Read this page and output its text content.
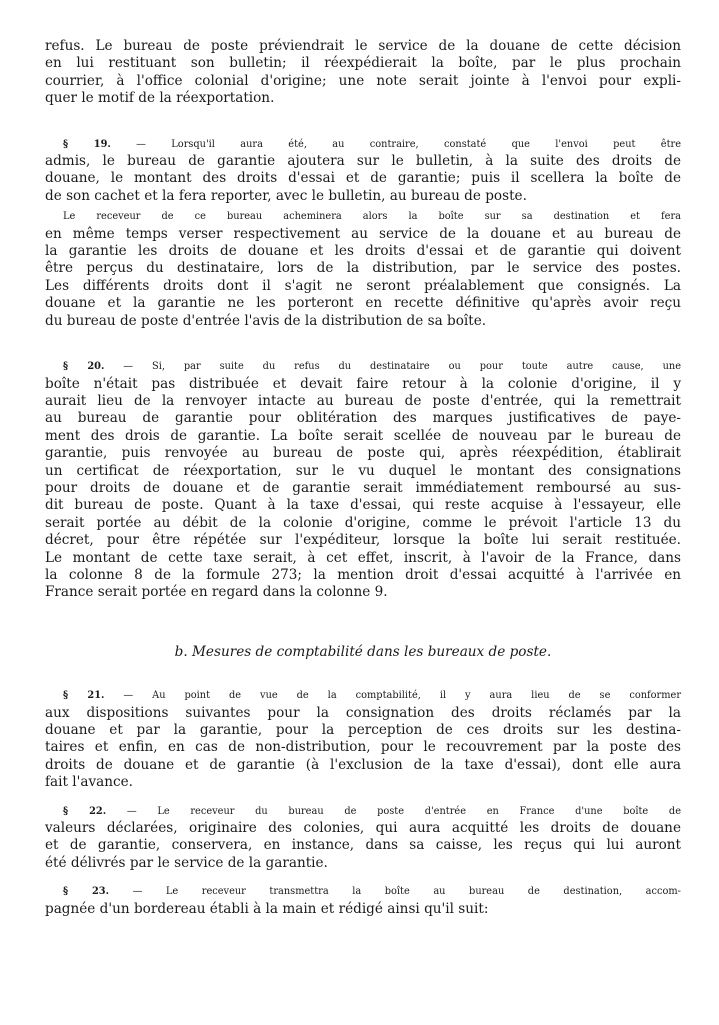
refus. Le bureau de poste préviendrait le service de la douane de cette décision
en lui restituant son bulletin; il réexpédierait la boîte, par le plus prochain
courrier, à l'office colonial d'origine; une note serait jointe à l'envoi pour expli-
quer le motif de la réexportation.
§ 19. — Lorsqu'il aura été, au contraire, constaté que l'envoi peut être
admis, le bureau de garantie ajoutera sur le bulletin, à la suite des droits de
douane, le montant des droits d'essai et de garantie; puis il scellera la boîte de
de son cachet et la fera reporter, avec le bulletin, au bureau de poste.
Le receveur de ce bureau acheminera alors la boîte sur sa destination et fera
en même temps verser respectivement au service de la douane et au bureau de
la garantie les droits de douane et les droits d'essai et de garantie qui doivent
être perçus du destinataire, lors de la distribution, par le service des postes.
Les différents droits dont il s'agit ne seront préalablement que consignés. La
douane et la garantie ne les porteront en recette définitive qu'après avoir reçu
du bureau de poste d'entrée l'avis de la distribution de sa boîte.
§ 20. — Si, par suite du refus du destinataire ou pour toute autre cause, une
boîte n'était pas distribuée et devait faire retour à la colonie d'origine, il y
aurait lieu de la renvoyer intacte au bureau de poste d'entrée, qui la remettrait
au bureau de garantie pour oblitération des marques justificatives de paye-
ment des drois de garantie. La boîte serait scellée de nouveau par le bureau de
garantie, puis renvoyée au bureau de poste qui, après réexpédition, établirait
un certificat de réexportation, sur le vu duquel le montant des consignations
pour droits de douane et de garantie serait immédiatement remboursé au sus-
dit bureau de poste. Quant à la taxe d'essai, qui reste acquise à l'essayeur, elle
serait portée au débit de la colonie d'origine, comme le prévoit l'article 13 du
décret, pour être répétée sur l'expéditeur, lorsque la boîte lui serait restituée.
Le montant de cette taxe serait, à cet effet, inscrit, à l'avoir de la France, dans
la colonne 8 de la formule 273; la mention droit d'essai acquitté à l'arrivée en
France serait portée en regard dans la colonne 9.

b. Mesures de comptabilité dans les bureaux de poste.

§ 21. — Au point de vue de la comptabilité, il y aura lieu de se conformer
aux dispositions suivantes pour la consignation des droits réclamés par la
douane et par la garantie, pour la perception de ces droits sur les destina-
taires et enfin, en cas de non-distribution, pour le recouvrement par la poste des
droits de douane et de garantie (à l'exclusion de la taxe d'essai), dont elle aura
fait l'avance.
§ 22. — Le receveur du bureau de poste d'entrée en France d'une boîte de
valeurs déclarées, originaire des colonies, qui aura acquitté les droits de douane
et de garantie, conservera, en instance, dans sa caisse, les reçus qui lui auront
été délivrés par le service de la garantie.
§ 23. — Le receveur transmettra la boîte au bureau de destination, accom-
pagnée d'un bordereau établi à la main et rédigé ainsi qu'il suit:
